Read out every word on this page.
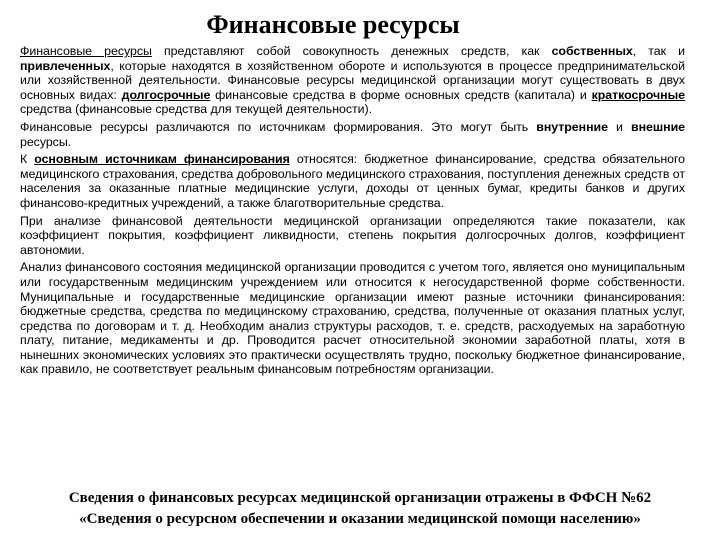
Финансовые ресурсы

Финансовые ресурсы представляют собой совокупность денежных средств, как собственных, так и привлеченных, которые находятся в хозяйственном обороте и используются в процессе предпринимательской или хозяйственной деятельности. Финансовые ресурсы медицинской организации могут существовать в двух основных видах: долгосрочные финансовые средства в форме основных средств (капитала) и краткосрочные средства (финансовые средства для текущей деятельности).

Финансовые ресурсы различаются по источникам формирования. Это могут быть внутренние и внешние ресурсы.

К основным источникам финансирования относятся: бюджетное финансирование, средства обязательного медицинского страхования, средства добровольного медицинского страхования, поступления денежных средств от населения за оказанные платные медицинские услуги, доходы от ценных бумаг, кредиты банков и других финансово-кредитных учреждений, а также благотворительные средства.

При анализе финансовой деятельности медицинской организации определяются такие показатели, как коэффициент покрытия, коэффициент ликвидности, степень покрытия долгосрочных долгов, коэффициент автономии.

Анализ финансового состояния медицинской организации проводится с учетом того, является оно муниципальным или государственным медицинским учреждением или относится к негосударственной форме собственности. Муниципальные и государственные медицинские организации имеют разные источники финансирования: бюджетные средства, средства по медицинскому страхованию, средства, полученные от оказания платных услуг, средства по договорам и т. д. Необходим анализ структуры расходов, т. е. средств, расходуемых на заработную плату, питание, медикаменты и др. Проводится расчет относительной экономии заработной платы, хотя в нынешних экономических условиях это практически осуществлять трудно, поскольку бюджетное финансирование, как правило, не соответствует реальным финансовым потребностям организации.

Сведения о финансовых ресурсах медицинской организации отражены в ФФСН №62
«Сведения о ресурсном обеспечении и оказании медицинской помощи населению»
